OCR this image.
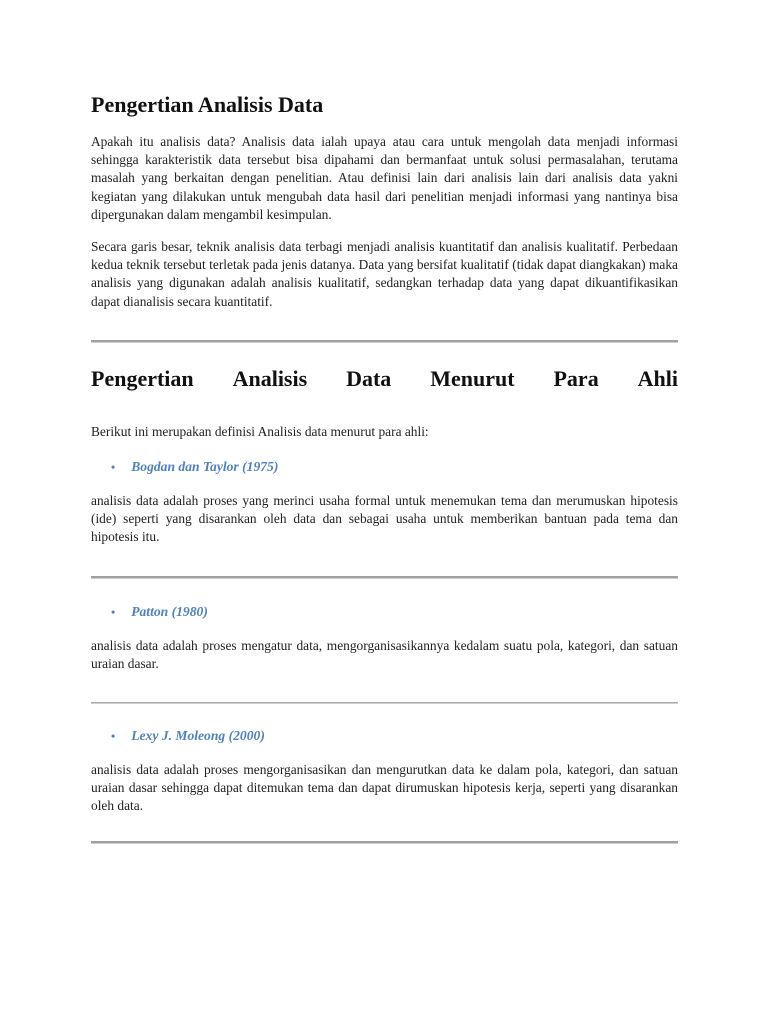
Pengertian Analisis Data

Apakah itu analisis data? Analisis data ialah upaya atau cara untuk mengolah data menjadi informasi sehingga karakteristik data tersebut bisa dipahami dan bermanfaat untuk solusi permasalahan, terutama masalah yang berkaitan dengan penelitian. Atau definisi lain dari analisis lain dari analisis data yakni kegiatan yang dilakukan untuk mengubah data hasil dari penelitian menjadi informasi yang nantinya bisa dipergunakan dalam mengambil kesimpulan.

Secara garis besar, teknik analisis data terbagi menjadi analisis kuantitatif dan analisis kualitatif. Perbedaan kedua teknik tersebut terletak pada jenis datanya. Data yang bersifat kualitatif (tidak dapat diangkakan) maka analisis yang digunakan adalah analisis kualitatif, sedangkan terhadap data yang dapat dikuantifikasikan dapat dianalisis secara kuantitatif.

Pengertian Analisis Data Menurut Para Ahli

Berikut ini merupakan definisi Analisis data menurut para ahli:

• Bogdan dan Taylor (1975)

analisis data adalah proses yang merinci usaha formal untuk menemukan tema dan merumuskan hipotesis (ide) seperti yang disarankan oleh data dan sebagai usaha untuk memberikan bantuan pada tema dan hipotesis itu.

• Patton (1980)

analisis data adalah proses mengatur data, mengorganisasikannya kedalam suatu pola, kategori, dan satuan uraian dasar.

• Lexy J. Moleong (2000)

analisis data adalah proses mengorganisasikan dan mengurutkan data ke dalam pola, kategori, dan satuan uraian dasar sehingga dapat ditemukan tema dan dapat dirumuskan hipotesis kerja, seperti yang disarankan oleh data.
